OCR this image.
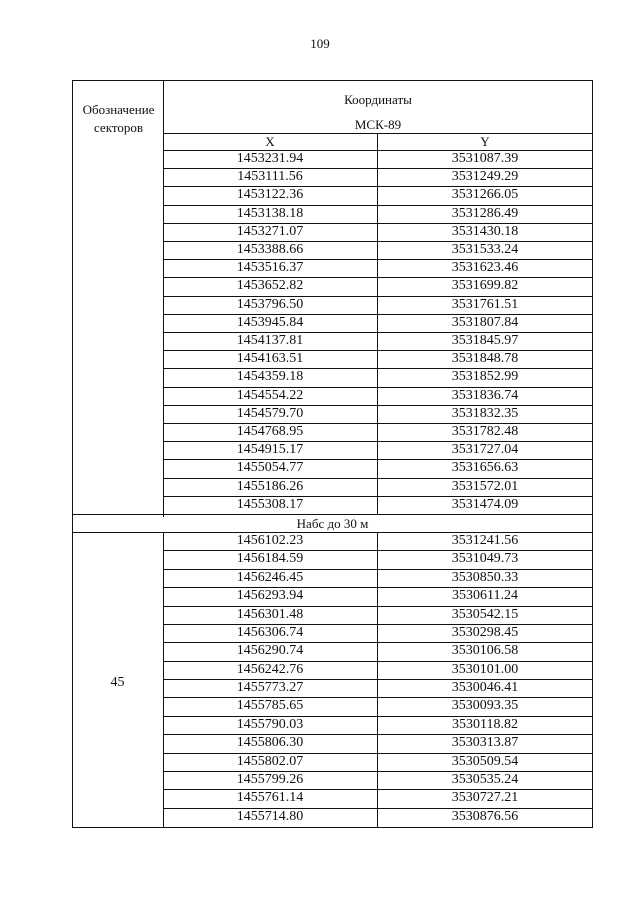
109
Обозначение секторов
Координаты
МСК-89
X	Y
1453231.94	3531087.39
1453111.56	3531249.29
1453122.36	3531266.05
1453138.18	3531286.49
1453271.07	3531430.18
1453388.66	3531533.24
1453516.37	3531623.46
1453652.82	3531699.82
1453796.50	3531761.51
1453945.84	3531807.84
1454137.81	3531845.97
1454163.51	3531848.78
1454359.18	3531852.99
1454554.22	3531836.74
1454579.70	3531832.35
1454768.95	3531782.48
1454915.17	3531727.04
1455054.77	3531656.63
1455186.26	3531572.01
1455308.17	3531474.09
Набс до 30 м
1456102.23	3531241.56
1456184.59	3531049.73
1456246.45	3530850.33
1456293.94	3530611.24
1456301.48	3530542.15
1456306.74	3530298.45
1456290.74	3530106.58
1456242.76	3530101.00
1455773.27	3530046.41
1455785.65	3530093.35
1455790.03	3530118.82
1455806.30	3530313.87
1455802.07	3530509.54
1455799.26	3530535.24
1455761.14	3530727.21
1455714.80	3530876.56
45
